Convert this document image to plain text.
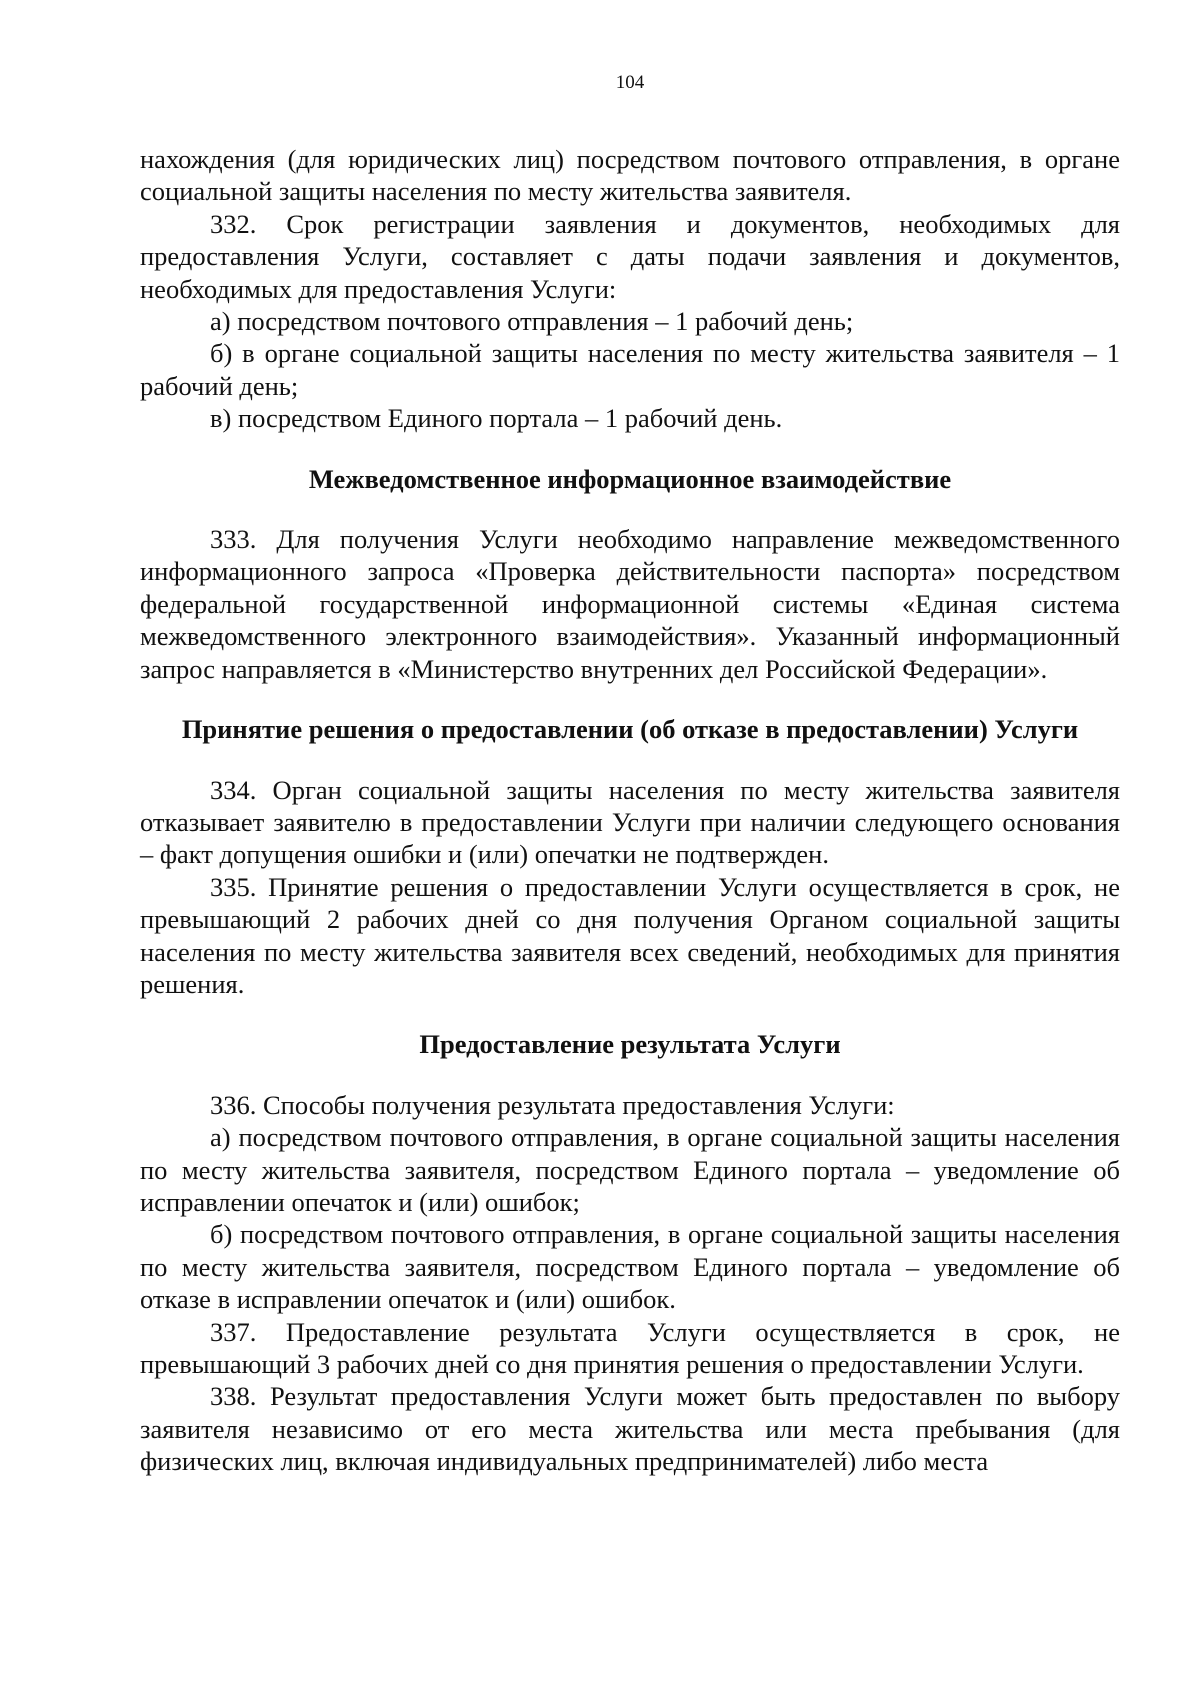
104

нахождения (для юридических лиц) посредством почтового отправления, в органе социальной защиты населения по месту жительства заявителя.

332. Срок регистрации заявления и документов, необходимых для предоставления Услуги, составляет с даты подачи заявления и документов, необходимых для предоставления Услуги:

а) посредством почтового отправления – 1 рабочий день;

б) в органе социальной защиты населения по месту жительства заявителя – 1 рабочий день;

в) посредством Единого портала – 1 рабочий день.

Межведомственное информационное взаимодействие

333. Для получения Услуги необходимо направление межведомственного информационного запроса «Проверка действительности паспорта» посредством федеральной государственной информационной системы «Единая система межведомственного электронного взаимодействия». Указанный информационный запрос направляется в «Министерство внутренних дел Российской Федерации».

Принятие решения о предоставлении (об отказе в предоставлении) Услуги

334. Орган социальной защиты населения по месту жительства заявителя отказывает заявителю в предоставлении Услуги при наличии следующего основания – факт допущения ошибки и (или) опечатки не подтвержден.

335. Принятие решения о предоставлении Услуги осуществляется в срок, не превышающий 2 рабочих дней со дня получения Органом социальной защиты населения по месту жительства заявителя всех сведений, необходимых для принятия решения.

Предоставление результата Услуги

336. Способы получения результата предоставления Услуги:

а) посредством почтового отправления, в органе социальной защиты населения по месту жительства заявителя, посредством Единого портала – уведомление об исправлении опечаток и (или) ошибок;

б) посредством почтового отправления, в органе социальной защиты населения по месту жительства заявителя, посредством Единого портала – уведомление об отказе в исправлении опечаток и (или) ошибок.

337. Предоставление результата Услуги осуществляется в срок, не превышающий 3 рабочих дней со дня принятия решения о предоставлении Услуги.

338. Результат предоставления Услуги может быть предоставлен по выбору заявителя независимо от его места жительства или места пребывания (для физических лиц, включая индивидуальных предпринимателей) либо места
